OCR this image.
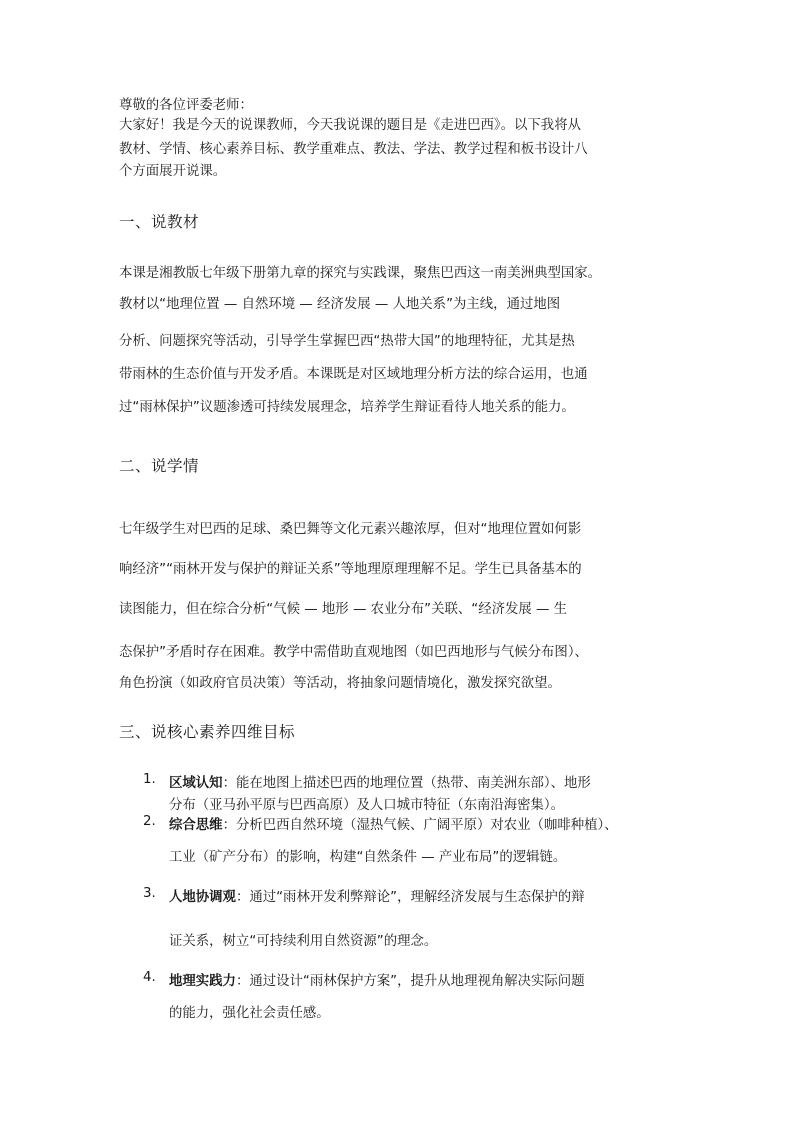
尊敬的各位评委老师：
大家好！我是今天的说课教师，今天我说课的题目是《走进巴西》。以下我将从
教材、学情、核心素养目标、教学重难点、教法、学法、教学过程和板书设计八
个方面展开说课。
一、说教材
本课是湘教版七年级下册第九章的探究与实践课，聚焦巴西这一南美洲典型国家。
教材以“地理位置 — 自然环境 — 经济发展 — 人地关系”为主线，通过地图
分析、问题探究等活动，引导学生掌握巴西“热带大国”的地理特征，尤其是热
带雨林的生态价值与开发矛盾。本课既是对区域地理分析方法的综合运用，也通
过“雨林保护”议题渗透可持续发展理念，培养学生辩证看待人地关系的能力。
二、说学情
七年级学生对巴西的足球、桑巴舞等文化元素兴趣浓厚，但对“地理位置如何影
响经济”“雨林开发与保护的辩证关系”等地理原理理解不足。学生已具备基本的
读图能力，但在综合分析“气候 — 地形 — 农业分布”关联、“经济发展 — 生
态保护”矛盾时存在困难。教学中需借助直观地图（如巴西地形与气候分布图）、
角色扮演（如政府官员决策）等活动，将抽象问题情境化，激发探究欲望。
三、说核心素养四维目标
1. 区域认知：能在地图上描述巴西的地理位置（热带、南美洲东部）、地形
分布（亚马孙平原与巴西高原）及人口城市特征（东南沿海密集）。
2. 综合思维：分析巴西自然环境（湿热气候、广阔平原）对农业（咖啡种植）、
工业（矿产分布）的影响，构建“自然条件 — 产业布局”的逻辑链。
3. 人地协调观：通过“雨林开发利弊辩论”，理解经济发展与生态保护的辩
证关系，树立“可持续利用自然资源”的理念。
4. 地理实践力：通过设计“雨林保护方案”，提升从地理视角解决实际问题
的能力，强化社会责任感。
